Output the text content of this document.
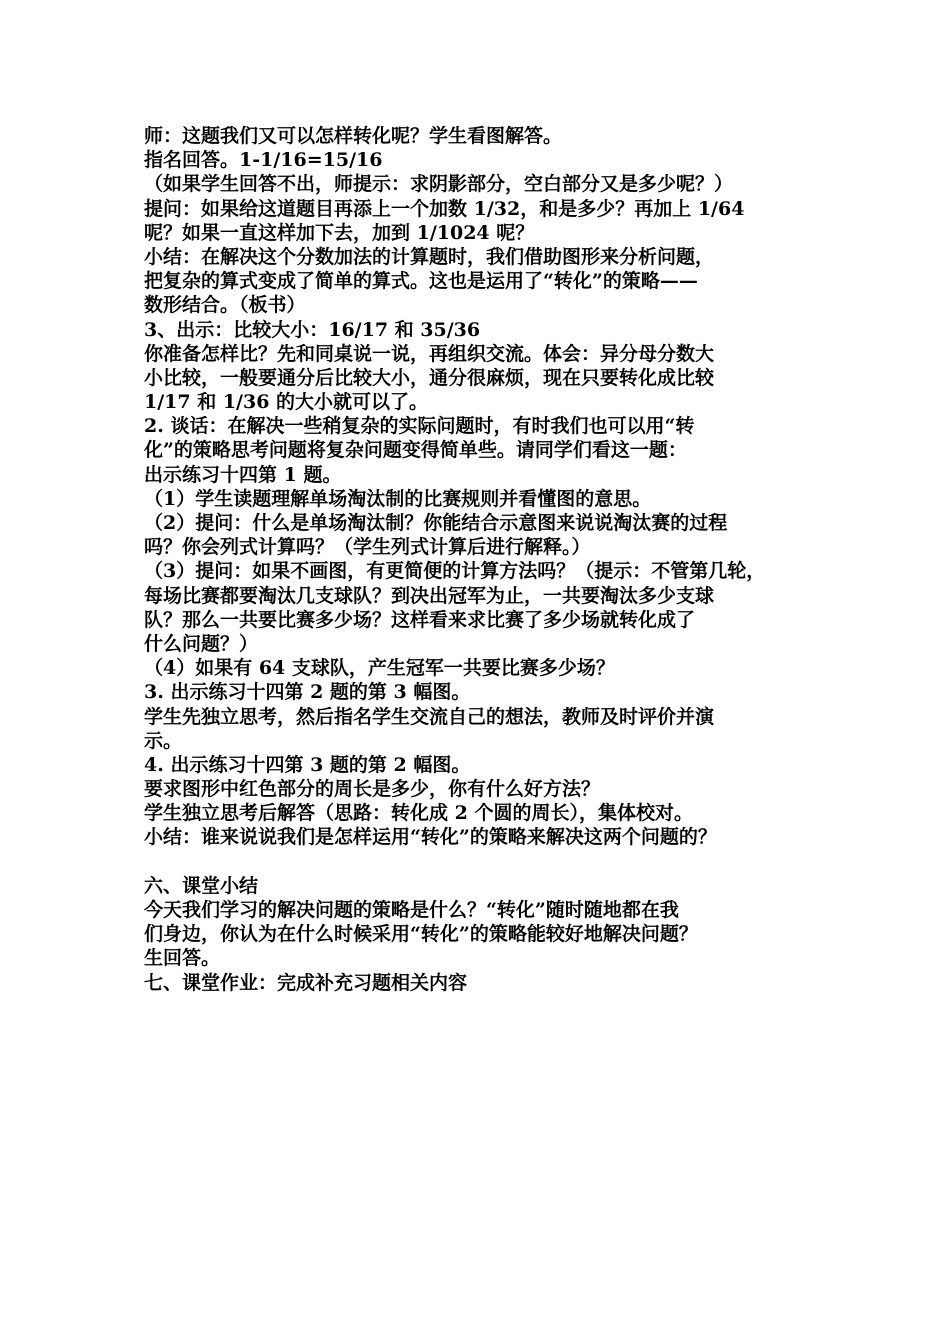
师：这题我们又可以怎样转化呢？学生看图解答。
指名回答。1-1/16=15/16
（如果学生回答不出，师提示：求阴影部分，空白部分又是多少呢？）
提问：如果给这道题目再添上一个加数 1/32，和是多少？再加上 1/64
呢？如果一直这样加下去，加到 1/1024 呢？
小结：在解决这个分数加法的计算题时，我们借助图形来分析问题，
把复杂的算式变成了简单的算式。这也是运用了“转化”的策略——
数形结合。（板书）
3、出示：比较大小：16/17 和 35/36
你准备怎样比？先和同桌说一说，再组织交流。体会：异分母分数大
小比较，一般要通分后比较大小，通分很麻烦，现在只要转化成比较
1/17 和 1/36 的大小就可以了。
2. 谈话：在解决一些稍复杂的实际问题时，有时我们也可以用“转
化”的策略思考问题将复杂问题变得简单些。请同学们看这一题：
出示练习十四第 1 题。
（1）学生读题理解单场淘汰制的比赛规则并看懂图的意思。
（2）提问：什么是单场淘汰制？你能结合示意图来说说淘汰赛的过程
吗？你会列式计算吗？（学生列式计算后进行解释。）
（3）提问：如果不画图，有更简便的计算方法吗？（提示：不管第几轮，
每场比赛都要淘汰几支球队？到决出冠军为止，一共要淘汰多少支球
队？那么一共要比赛多少场？这样看来求比赛了多少场就转化成了
什么问题？）
（4）如果有 64 支球队，产生冠军一共要比赛多少场？
3. 出示练习十四第 2 题的第 3 幅图。
学生先独立思考，然后指名学生交流自己的想法，教师及时评价并演
示。
4. 出示练习十四第 3 题的第 2 幅图。
要求图形中红色部分的周长是多少，你有什么好方法？
学生独立思考后解答（思路：转化成 2 个圆的周长），集体校对。
小结：谁来说说我们是怎样运用“转化”的策略来解决这两个问题的？
六、课堂小结
今天我们学习的解决问题的策略是什么？“转化”随时随地都在我
们身边，你认为在什么时候采用“转化”的策略能较好地解决问题？
生回答。
七、课堂作业：完成补充习题相关内容
